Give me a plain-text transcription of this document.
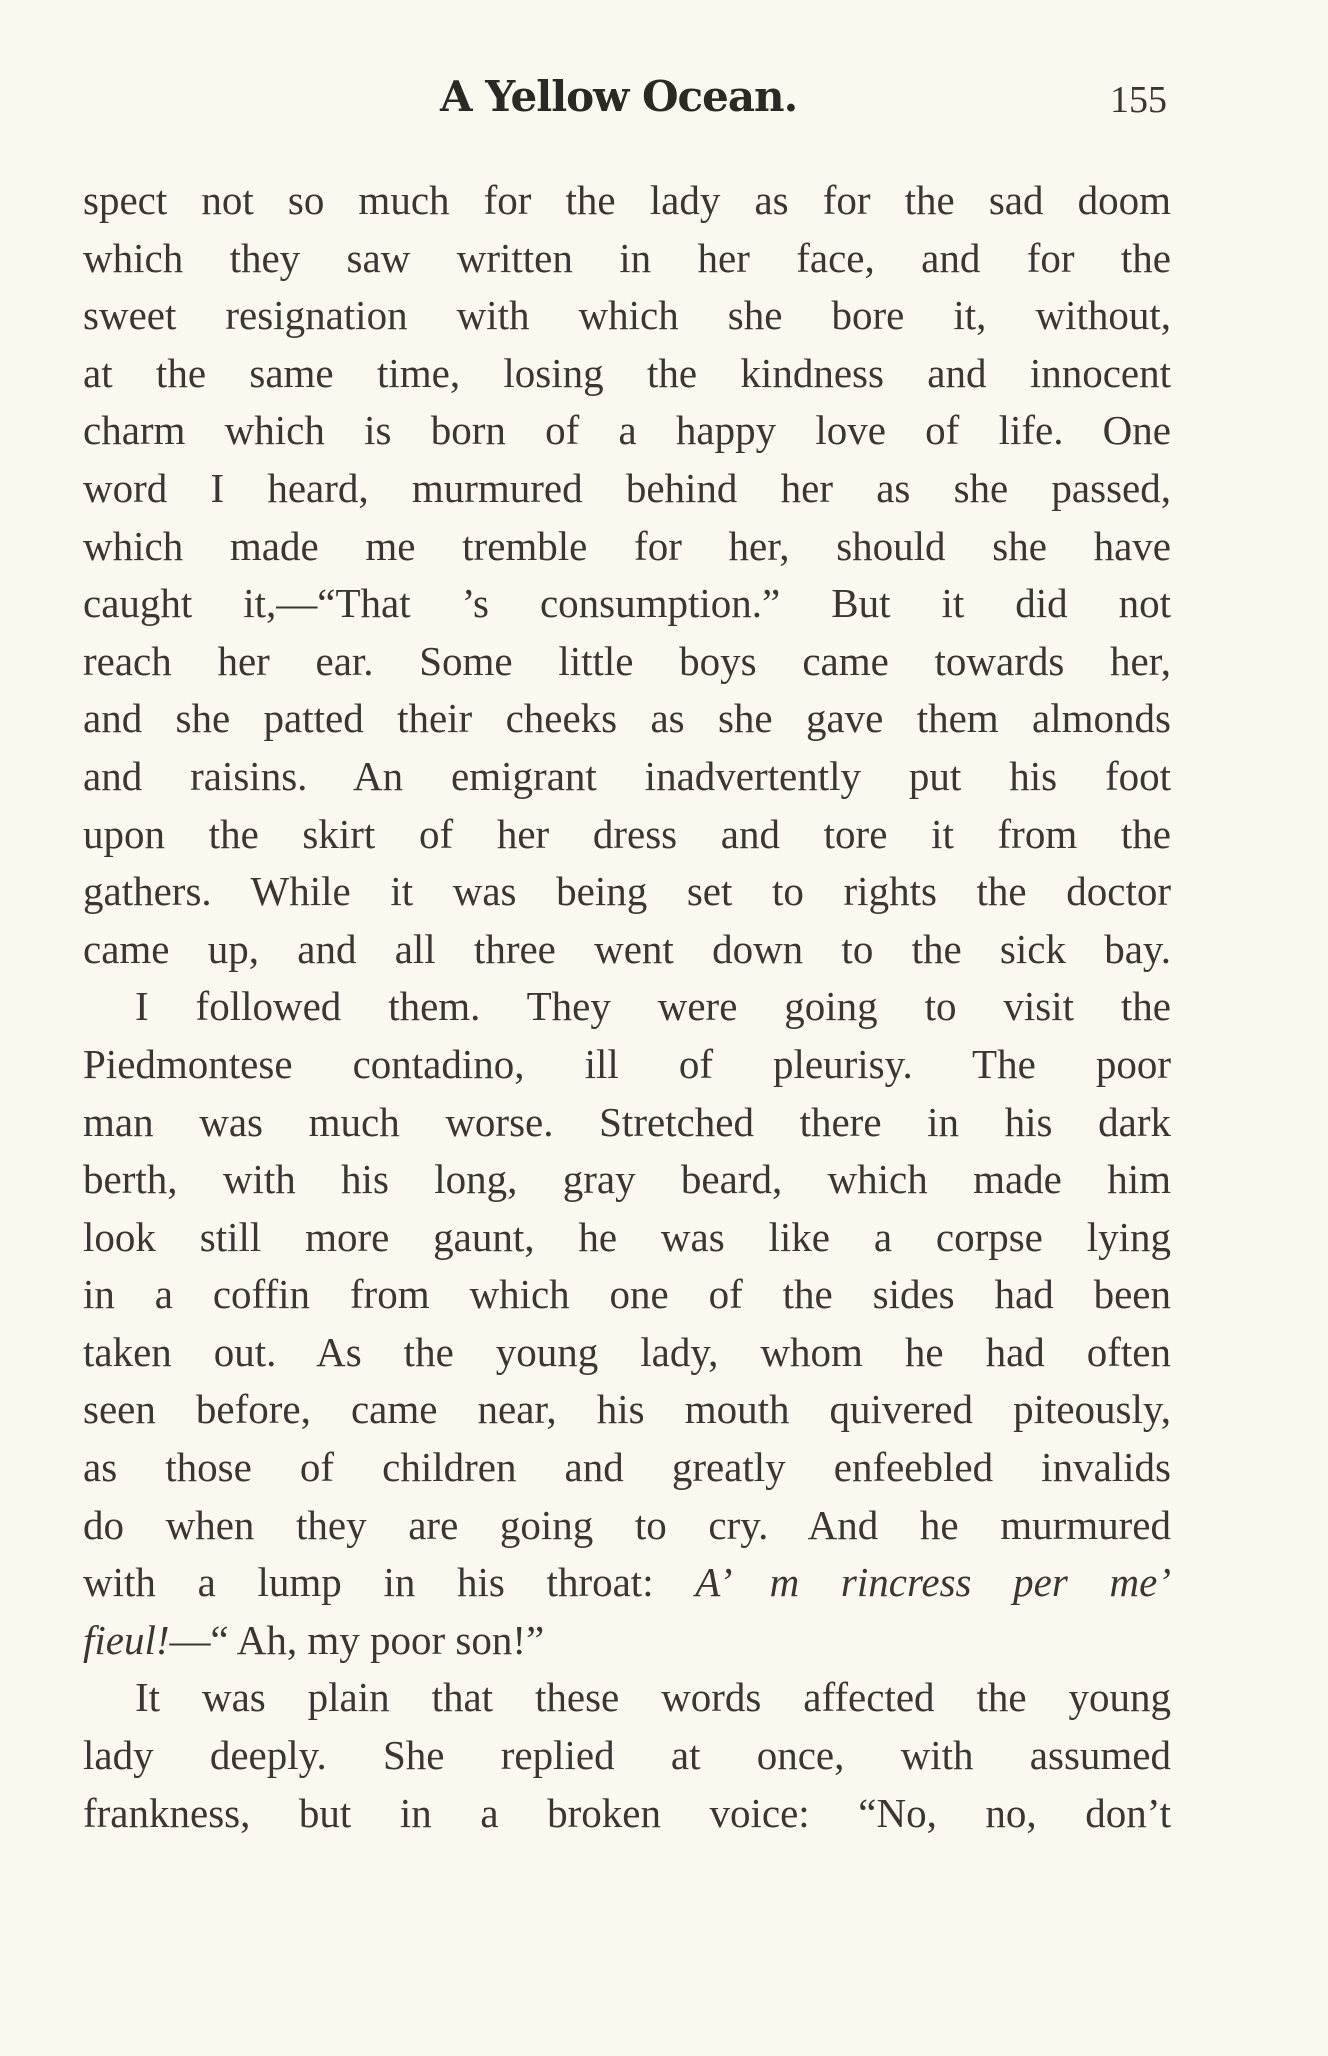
A Yellow Ocean.	155
spect not so much for the lady as for the sad doom
which they saw written in her face, and for the
sweet resignation with which she bore it, without,
at the same time, losing the kindness and innocent
charm which is born of a happy love of life. One
word I heard, murmured behind her as she passed,
which made me tremble for her, should she have
caught it,—“That ’s consumption.” But it did not
reach her ear. Some little boys came towards her,
and she patted their cheeks as she gave them almonds
and raisins. An emigrant inadvertently put his foot
upon the skirt of her dress and tore it from the
gathers. While it was being set to rights the doctor
came up, and all three went down to the sick bay.
I followed them. They were going to visit the
Piedmontese contadino, ill of pleurisy. The poor
man was much worse. Stretched there in his dark
berth, with his long, gray beard, which made him
look still more gaunt, he was like a corpse lying
in a coffin from which one of the sides had been
taken out. As the young lady, whom he had often
seen before, came near, his mouth quivered piteously,
as those of children and greatly enfeebled invalids
do when they are going to cry. And he murmured
with a lump in his throat: A’ m rincress per me’
fieul!—“ Ah, my poor son!”
It was plain that these words affected the young
lady deeply. She replied at once, with assumed
frankness, but in a broken voice: “No, no, don’t
